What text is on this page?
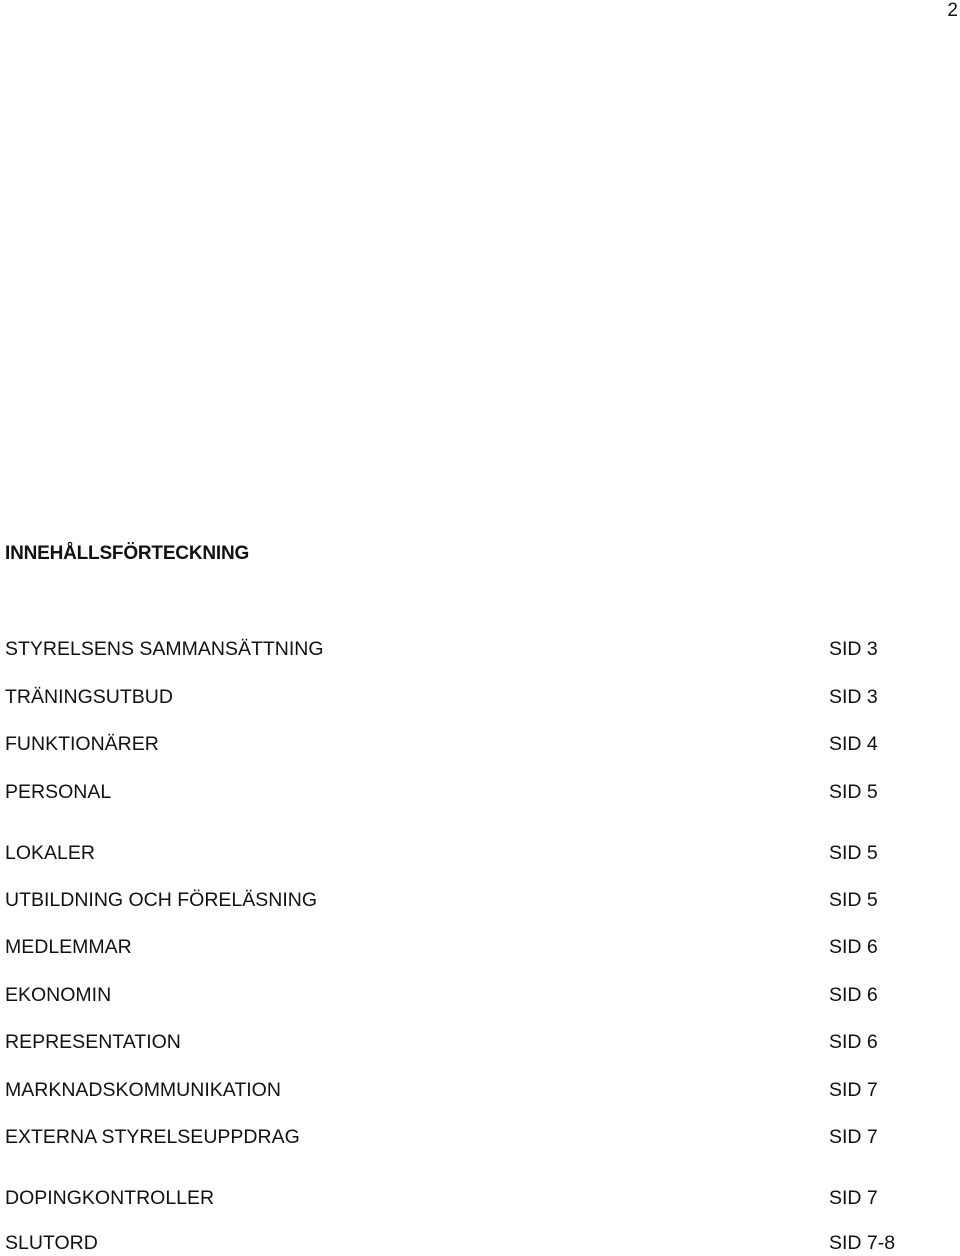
2
INNEHÅLLSFÖRTECKNING
STYRELSENS SAMMANSÄTTNING	SID 3
TRÄNINGSUTBUD	SID 3
FUNKTIONÄRER	SID 4
PERSONAL	SID 5
LOKALER	SID 5
UTBILDNING OCH FÖRELÄSNING	SID 5
MEDLEMMAR	SID 6
EKONOMIN	SID 6
REPRESENTATION	SID 6
MARKNADSKOMMUNIKATION	SID 7
EXTERNA STYRELSEUPPDRAG	SID 7
DOPINGKONTROLLER	SID 7
SLUTORD	SID 7-8
